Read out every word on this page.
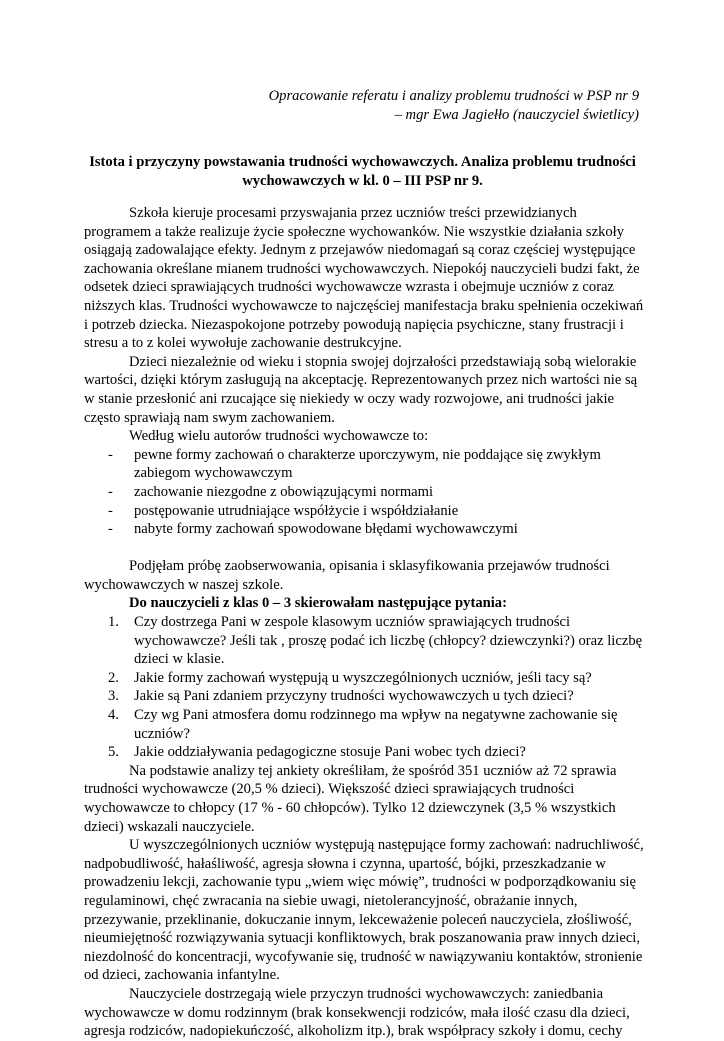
Opracowanie referatu i analizy problemu trudności w PSP nr 9
– mgr Ewa Jagiełło (nauczyciel świetlicy)
Istota i przyczyny powstawania trudności wychowawczych. Analiza problemu trudności wychowawczych w kl. 0 – III PSP nr 9.

Szkoła kieruje procesami przyswajania przez uczniów treści przewidzianych programem a także realizuje życie społeczne wychowanków. Nie wszystkie działania szkoły osiągają zadowalające efekty. Jednym z przejawów niedomagań są coraz częściej występujące zachowania określane mianem trudności wychowawczych. Niepokój nauczycieli budzi fakt, że odsetek dzieci sprawiających trudności wychowawcze wzrasta i obejmuje uczniów z coraz niższych klas. Trudności wychowawcze to najczęściej manifestacja braku spełnienia oczekiwań i potrzeb dziecka. Niezaspokojone potrzeby powodują napięcia psychiczne, stany frustracji i stresu a to z kolei wywołuje zachowanie destrukcyjne.

Dzieci niezależnie od wieku i stopnia swojej dojrzałości przedstawiają sobą wielorakie wartości, dzięki którym zasługują na akceptację. Reprezentowanych przez nich wartości nie są w stanie przesłonić ani rzucające się niekiedy w oczy wady rozwojowe, ani trudności jakie często sprawiają nam swym zachowaniem.

Według wielu autorów trudności wychowawcze to:

- pewne formy zachowań o charakterze uporczywym, nie poddające się zwykłym zabiegom wychowawczym
- zachowanie niezgodne z obowiązującymi normami
- postępowanie utrudniające współżycie i współdziałanie
- nabyte formy zachowań spowodowane błędami wychowawczymi

Podjęłam próbę zaobserwowania, opisania i sklasyfikowania przejawów trudności wychowawczych w naszej szkole.

Do nauczycieli z klas 0 – 3 skierowałam następujące pytania:

1. Czy dostrzega Pani w zespole klasowym uczniów sprawiających trudności wychowawcze? Jeśli tak , proszę podać ich liczbę (chłopcy? dziewczynki?) oraz liczbę dzieci w klasie.
2. Jakie formy zachowań występują u wyszczególnionych uczniów, jeśli tacy są?
3. Jakie są Pani zdaniem przyczyny trudności wychowawczych u tych dzieci?
4. Czy wg Pani atmosfera domu rodzinnego ma wpływ na negatywne zachowanie się uczniów?
5. Jakie oddziaływania pedagogiczne stosuje Pani wobec tych dzieci?

Na podstawie analizy tej ankiety określiłam, że spośród 351 uczniów aż 72 sprawia trudności wychowawcze (20,5 % dzieci). Większość dzieci sprawiających trudności wychowawcze to chłopcy (17 % - 60 chłopców). Tylko 12 dziewczynek (3,5 % wszystkich dzieci) wskazali nauczyciele.

U wyszczególnionych uczniów występują następujące formy zachowań: nadruchliwość, nadpobudliwość, hałaśliwość, agresja słowna i czynna, upartość, bójki, przeszkadzanie w prowadzeniu lekcji, zachowanie typu „wiem więc mówię”, trudności w podporządkowaniu się regulaminowi, chęć zwracania na siebie uwagi, nietolerancyjność, obrażanie innych, przezywanie, przeklinanie, dokuczanie innym, lekceważenie poleceń nauczyciela, złośliwość, nieumiejętność rozwiązywania sytuacji konfliktowych, brak poszanowania praw innych dzieci, niezdolność do koncentracji, wycofywanie się, trudność w nawiązywaniu kontaktów, stronienie od dzieci, zachowania infantylne.

Nauczyciele dostrzegają wiele przyczyn trudności wychowawczych: zaniedbania wychowawcze w domu rodzinnym (brak konsekwencji rodziców, mała ilość czasu dla dzieci, agresja rodziców, nadopiekuńczość, alkoholizm itp.), brak współpracy szkoły i domu, cechy
